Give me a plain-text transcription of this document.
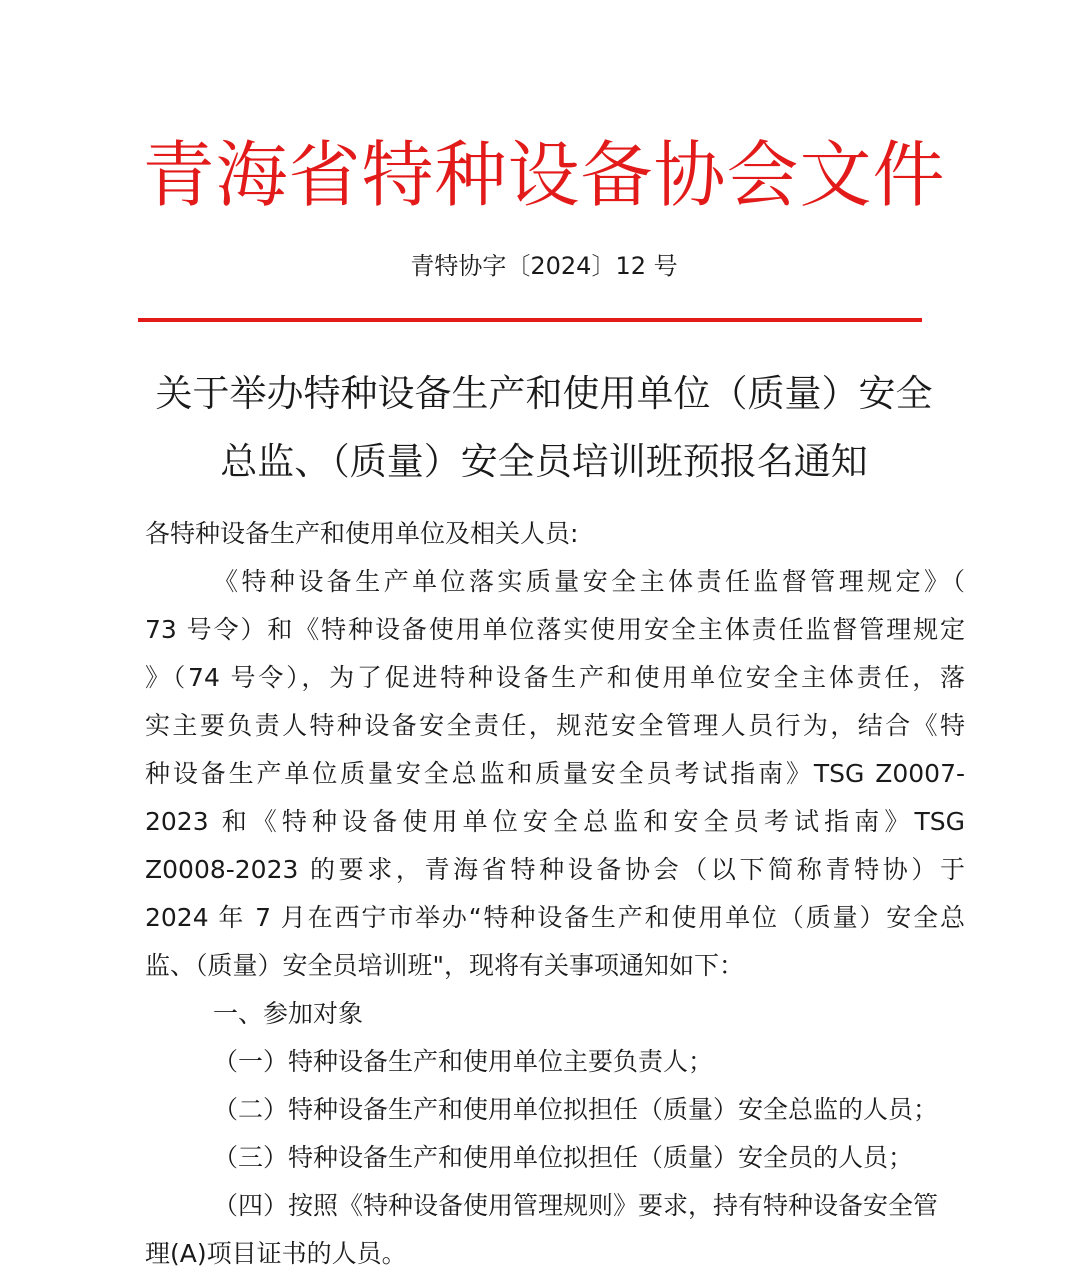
青海省特种设备协会文件
青特协字〔2024〕12 号
关于举办特种设备生产和使用单位（质量）安全
总监、（质量）安全员培训班预报名通知
各特种设备生产和使用单位及相关人员:
《特种设备生产单位落实质量安全主体责任监督管理规定》（
73 号令）和《特种设备使用单位落实使用安全主体责任监督管理规定
》（74 号令），为了促进特种设备生产和使用单位安全主体责任，落
实主要负责人特种设备安全责任，规范安全管理人员行为，结合《特
种设备生产单位质量安全总监和质量安全员考试指南》TSG Z0007-
2023 和《特种设备使用单位安全总监和安全员考试指南》TSG
Z0008-2023 的要求，青海省特种设备协会（以下简称青特协）于
2024 年 7 月在西宁市举办“特种设备生产和使用单位（质量）安全总
监、（质量）安全员培训班"，现将有关事项通知如下：
一、参加对象
（一）特种设备生产和使用单位主要负责人；
（二）特种设备生产和使用单位拟担任（质量）安全总监的人员；
（三）特种设备生产和使用单位拟担任（质量）安全员的人员；
（四）按照《特种设备使用管理规则》要求，持有特种设备安全管
理(A)项目证书的人员。
